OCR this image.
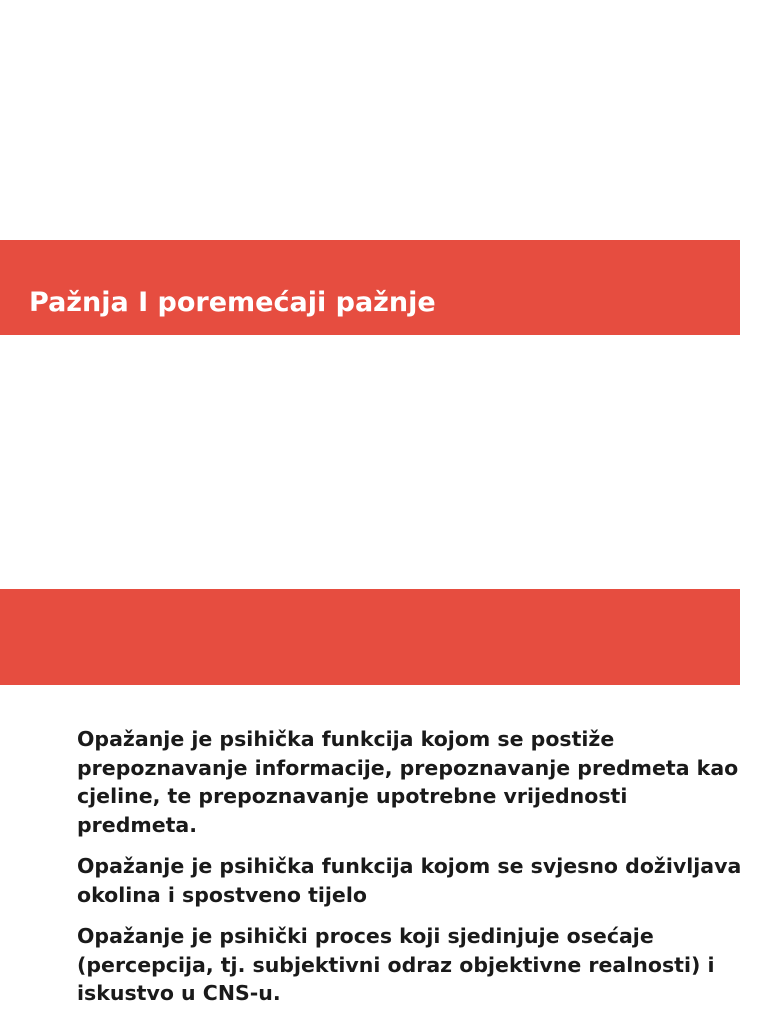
Pažnja I poremećaji pažnje

Opažanje je psihička funkcija kojom se postiže prepoznavanje informacije, prepoznavanje predmeta kao cjeline, te prepoznavanje upotrebne vrijednosti predmeta.

Opažanje je psihička funkcija kojom se svjesno doživljava okolina i spostveno tijelo

Opažanje je psihički proces koji sjedinjuje osećaje (percepcija, tj. subjektivni odraz objektivne realnosti) i iskustvo u CNS-u.
